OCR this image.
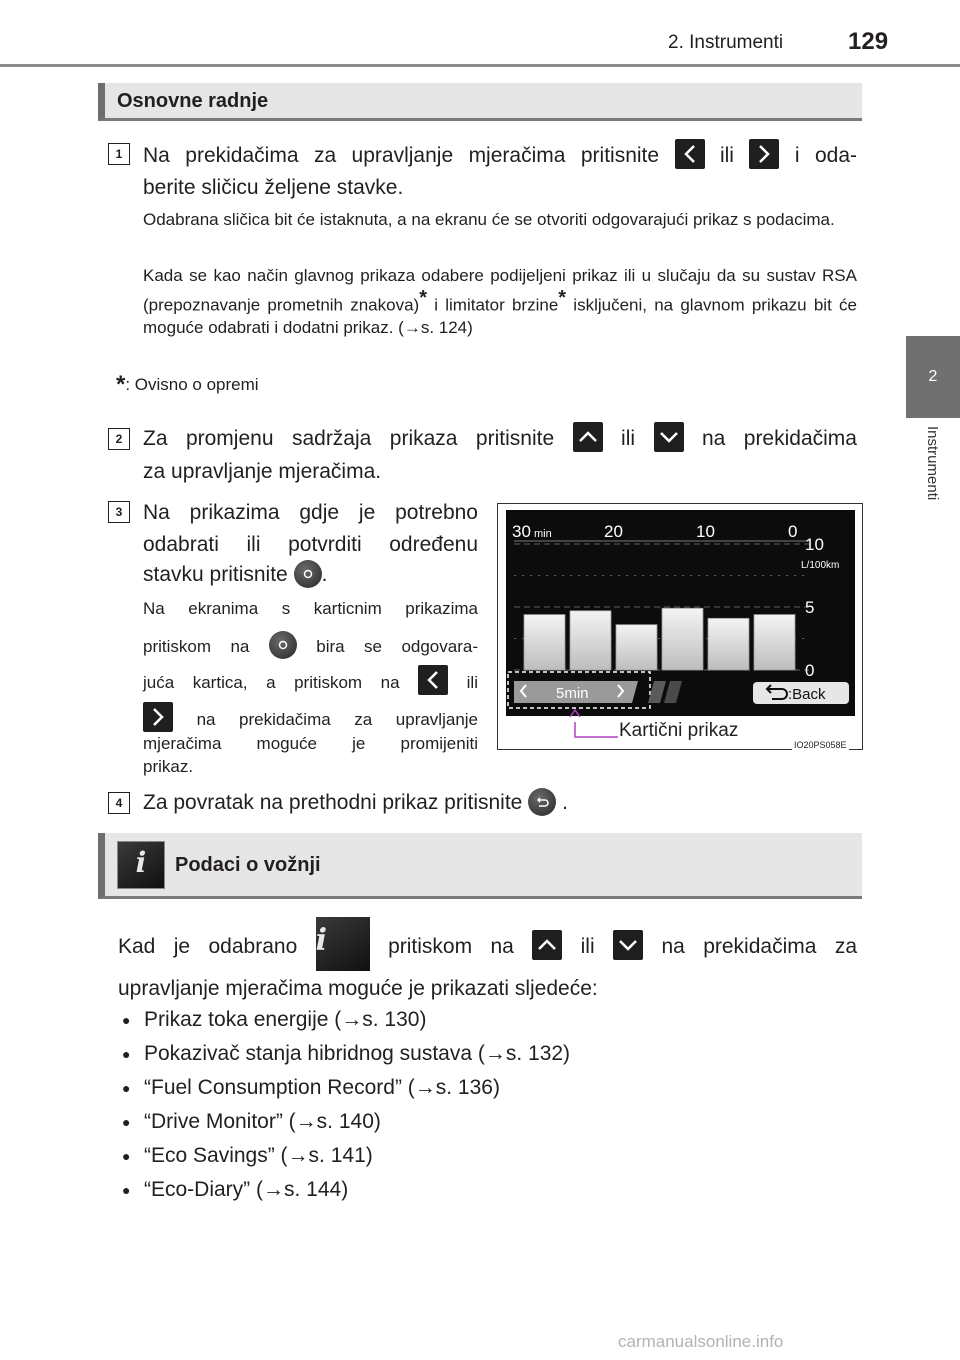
2. Instrumenti	129
2
Instrumenti
Osnovne radnje
1 Na prekidačima za upravljanje mjeračima pritisnite	ili	i oda-
berite sličicu željene stavke.
Odabrana sličica bit će istaknuta, a na ekranu će se otvoriti odgovarajući prikaz s podacima.
Kada se kao način glavnog prikaza odabere podijeljeni prikaz ili u slučaju da su sustav RSA (prepoznavanje prometnih znakova)* i limitator brzine* isključeni, na glavnom prikazu bit će moguće odabrati i dodatni prikaz. (→s. 124)
*: Ovisno o opremi
2 Za promjenu sadržaja prikaza pritisnite	ili	na prekidačima
za upravljanje mjeračima.
3 Na prikazima gdje je potrebno
odabrati ili potvrditi određenu
stavku pritisnite .
Na ekranima s karticnim prikazima
pritiskom na	bira se odgovara-
juća kartica, a pritiskom na	ili
na prekidačima za upravljanje
mjeračima moguće je promijeniti
prikaz.
30	20	10	0
min
10
5
0
L/100km
5min	:Back
Kartični prikaz
IO20PS058E
4 Za povratak na prethodni prikaz pritisnite .
i	Podaci o vožnji
Kad je odabrano i	pritiskom na	ili	na prekidačima za
upravljanje mjeračima moguće je prikazati sljedeće:
● Prikaz toka energije (→s. 130)
● Pokazivač stanja hibridnog sustava (→s. 132)
● “Fuel Consumption Record” (→s. 136)
● “Drive Monitor” (→s. 140)
● “Eco Savings” (→s. 141)
● “Eco-Diary” (→s. 144)
carmanualsonline.info
